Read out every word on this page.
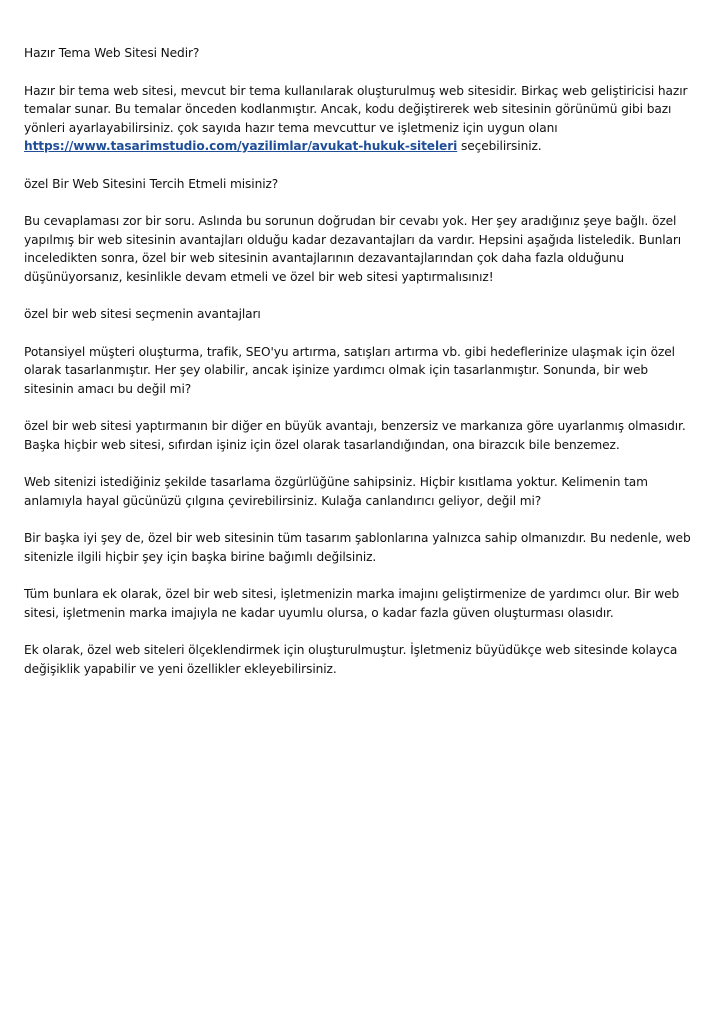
Hazır Tema Web Sitesi Nedir?

Hazır bir tema web sitesi, mevcut bir tema kullanılarak oluşturulmuş web sitesidir. Birkaç web geliştiricisi hazır temalar sunar. Bu temalar önceden kodlanmıştır. Ancak, kodu değiştirerek web sitesinin görünümü gibi bazı yönleri ayarlayabilirsiniz. çok sayıda hazır tema mevcuttur ve işletmeniz için uygun olanı https://www.tasarimstudio.com/yazilimlar/avukat-hukuk-siteleri seçebilirsiniz.

özel Bir Web Sitesini Tercih Etmeli misiniz?

Bu cevaplaması zor bir soru. Aslında bu sorunun doğrudan bir cevabı yok. Her şey aradığınız şeye bağlı. özel yapılmış bir web sitesinin avantajları olduğu kadar dezavantajları da vardır. Hepsini aşağıda listeledik. Bunları inceledikten sonra, özel bir web sitesinin avantajlarının dezavantajlarından çok daha fazla olduğunu düşünüyorsanız, kesinlikle devam etmeli ve özel bir web sitesi yaptırmalısınız!

özel bir web sitesi seçmenin avantajları

Potansiyel müşteri oluşturma, trafik, SEO'yu artırma, satışları artırma vb. gibi hedeflerinize ulaşmak için özel olarak tasarlanmıştır. Her şey olabilir, ancak işinize yardımcı olmak için tasarlanmıştır. Sonunda, bir web sitesinin amacı bu değil mi?

özel bir web sitesi yaptırmanın bir diğer en büyük avantajı, benzersiz ve markanıza göre uyarlanmış olmasıdır. Başka hiçbir web sitesi, sıfırdan işiniz için özel olarak tasarlandığından, ona birazcık bile benzemez.

Web sitenizi istediğiniz şekilde tasarlama özgürlüğüne sahipsiniz. Hiçbir kısıtlama yoktur. Kelimenin tam anlamıyla hayal gücünüzü çılgına çevirebilirsiniz. Kulağa canlandırıcı geliyor, değil mi?

Bir başka iyi şey de, özel bir web sitesinin tüm tasarım şablonlarına yalnızca sahip olmanızdır. Bu nedenle, web sitenizle ilgili hiçbir şey için başka birine bağımlı değilsiniz.

Tüm bunlara ek olarak, özel bir web sitesi, işletmenizin marka imajını geliştirmenize de yardımcı olur. Bir web sitesi, işletmenin marka imajıyla ne kadar uyumlu olursa, o kadar fazla güven oluşturması olasıdır.

Ek olarak, özel web siteleri ölçeklendirmek için oluşturulmuştur. İşletmeniz büyüdükçe web sitesinde kolayca değişiklik yapabilir ve yeni özellikler ekleyebilirsiniz.
